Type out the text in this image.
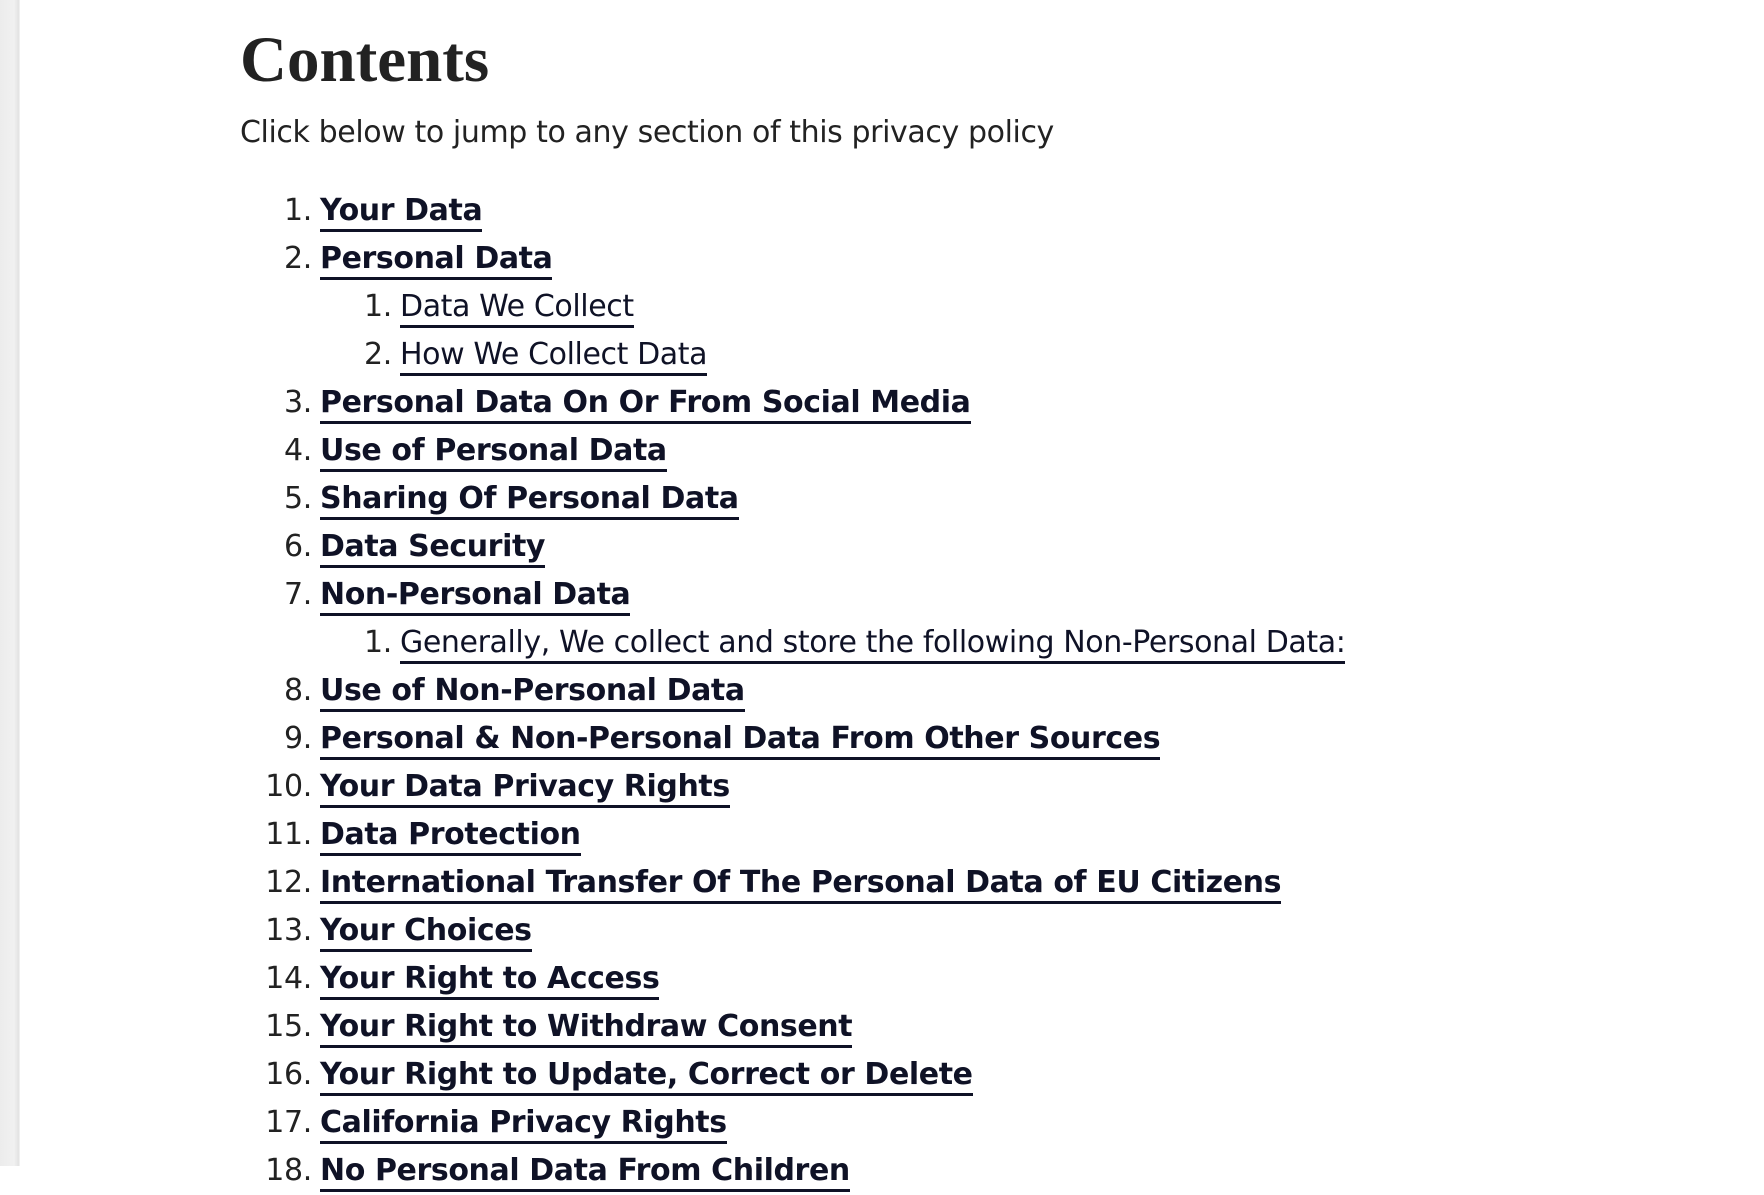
Contents

Click below to jump to any section of this privacy policy

1. Your Data
2. Personal Data
1. Data We Collect
2. How We Collect Data
3. Personal Data On Or From Social Media
4. Use of Personal Data
5. Sharing Of Personal Data
6. Data Security
7. Non-Personal Data
1. Generally, We collect and store the following Non-Personal Data:
8. Use of Non-Personal Data
9. Personal & Non-Personal Data From Other Sources
10. Your Data Privacy Rights
11. Data Protection
12. International Transfer Of The Personal Data of EU Citizens
13. Your Choices
14. Your Right to Access
15. Your Right to Withdraw Consent
16. Your Right to Update, Correct or Delete
17. California Privacy Rights
18. No Personal Data From Children
